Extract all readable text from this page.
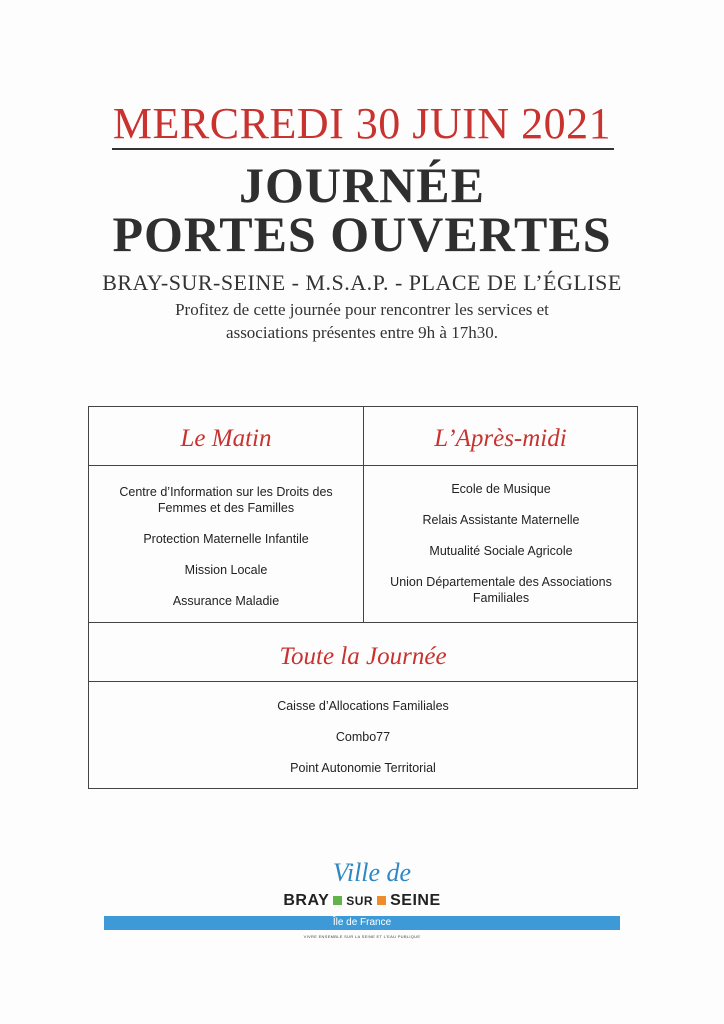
MERCREDI 30 JUIN 2021
JOURNÉE
PORTES OUVERTES
BRAY-SUR-SEINE - M.S.A.P. - PLACE DE L’ÉGLISE
Profitez de cette journée pour rencontrer les services et associations présentes entre 9h à 17h30.
Le Matin	L’Après-midi
Centre d’Information sur les Droits des Femmes et des Familles
Protection Maternelle Infantile
Mission Locale
Assurance Maladie
Ecole de Musique
Relais Assistante Maternelle
Mutualité Sociale Agricole
Union Départementale des Associations Familiales
Toute la Journée
Caisse d’Allocations Familiales
Combo77
Point Autonomie Territorial
Ville de
BRAY SUR SEINE
Île de France
VIVRE ENSEMBLE SUR LA SEINE ET L'EAU PUBLIQUE
